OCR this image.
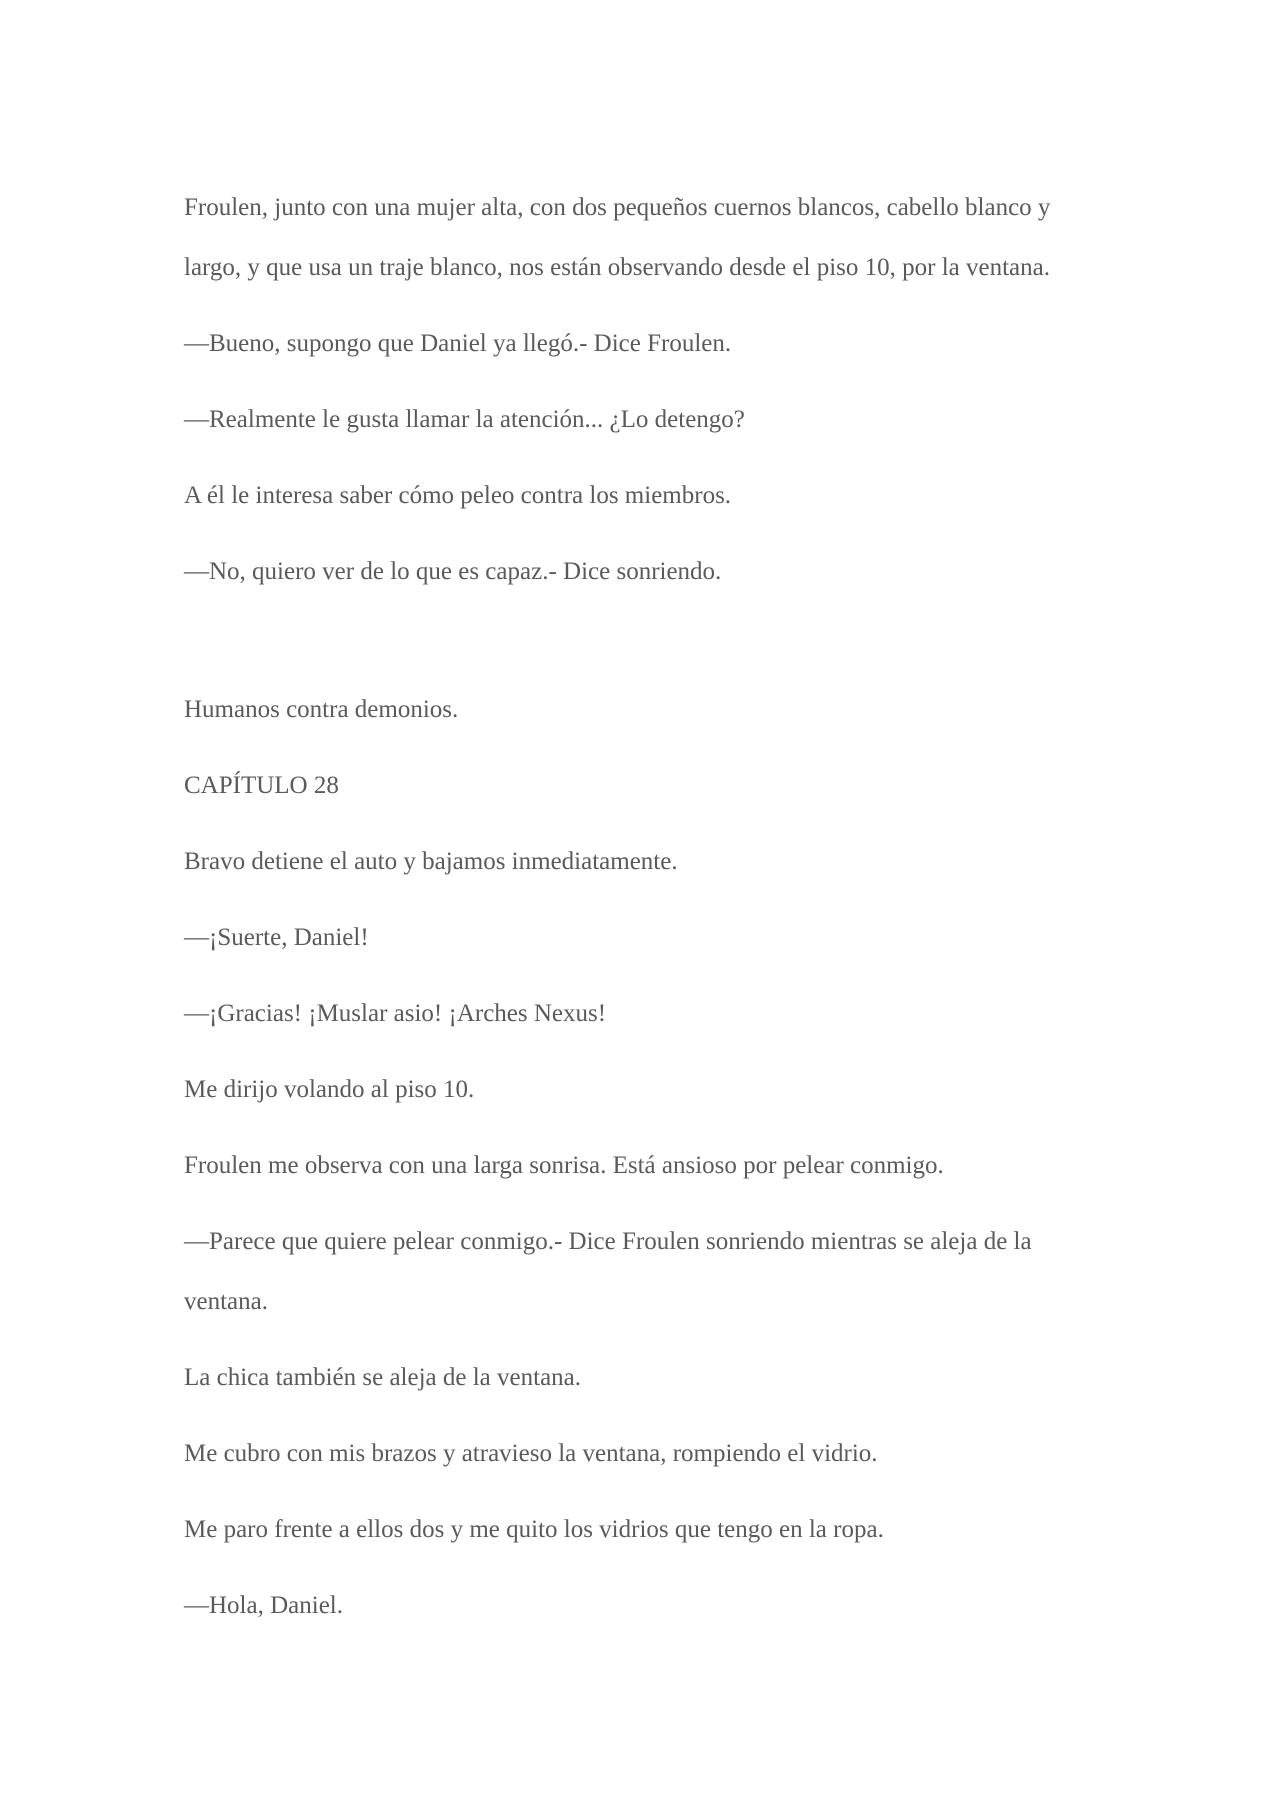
Froulen, junto con una mujer alta, con dos pequeños cuernos blancos, cabello blanco y largo, y que usa un traje blanco, nos están observando desde el piso 10, por la ventana.

—Bueno, supongo que Daniel ya llegó.- Dice Froulen.

—Realmente le gusta llamar la atención... ¿Lo detengo?

A él le interesa saber cómo peleo contra los miembros.

—No, quiero ver de lo que es capaz.- Dice sonriendo.

Humanos contra demonios.

CAPÍTULO 28

Bravo detiene el auto y bajamos inmediatamente.

—¡Suerte, Daniel!

—¡Gracias! ¡Muslar asio! ¡Arches Nexus!

Me dirijo volando al piso 10.

Froulen me observa con una larga sonrisa. Está ansioso por pelear conmigo.

—Parece que quiere pelear conmigo.- Dice Froulen sonriendo mientras se aleja de la ventana.

La chica también se aleja de la ventana.

Me cubro con mis brazos y atravieso la ventana, rompiendo el vidrio.

Me paro frente a ellos dos y me quito los vidrios que tengo en la ropa.

—Hola, Daniel.
